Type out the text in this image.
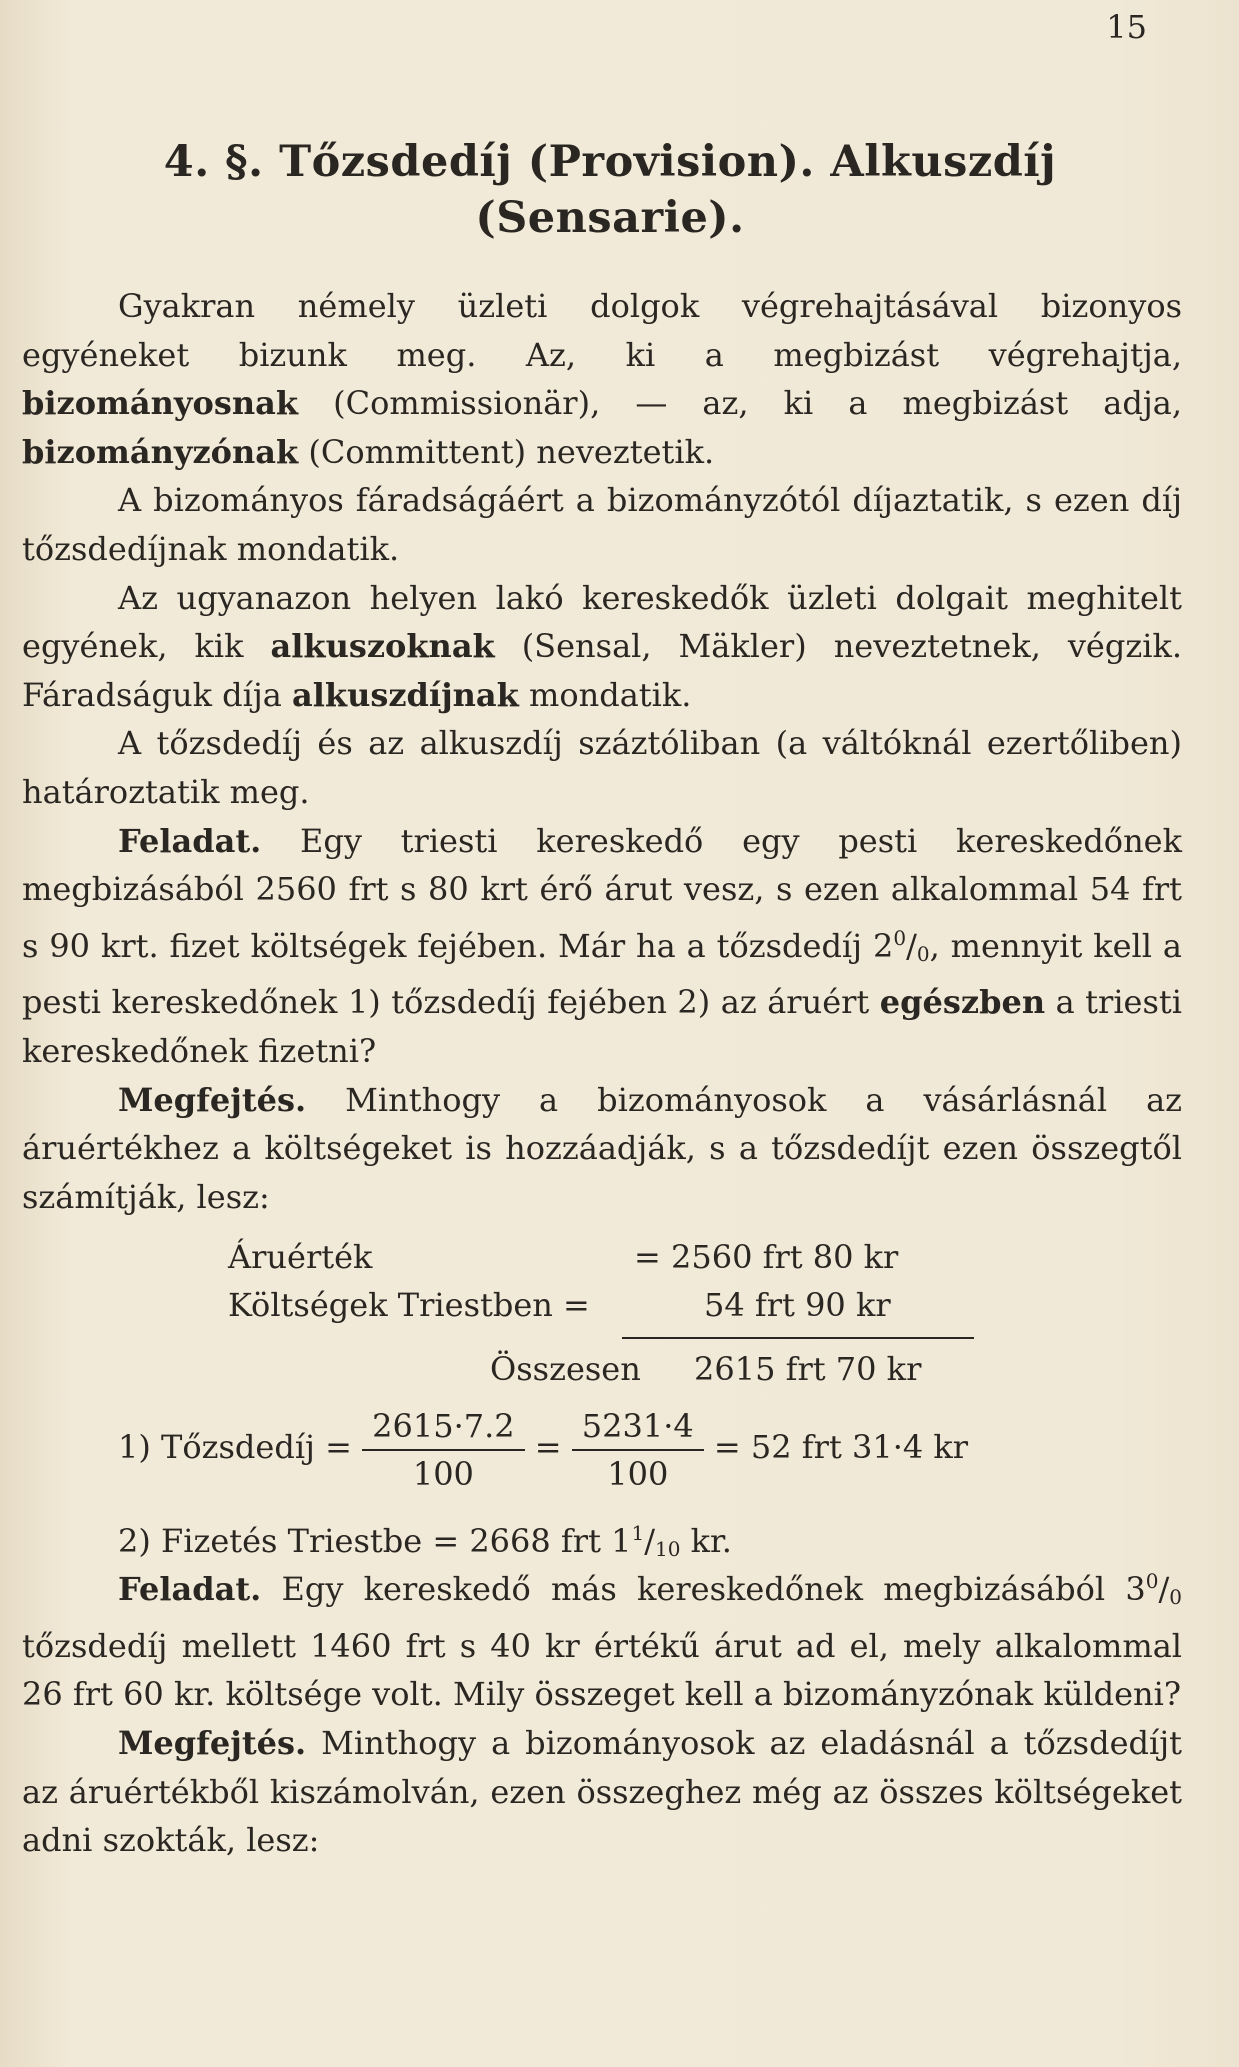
15
4. §. Tőzsdedíj (Provision). Alkuszdíj
(Sensarie).

Gyakran némely üzleti dolgok végrehajtásával bizonyos egyéneket bizunk meg. Az, ki a megbizást végrehajtja, bizományosnak (Commissionär), — az, ki a megbizást adja, bizományzónak (Committent) neveztetik.

A bizományos fáradságáért a bizományzótól díjaztatik, s ezen díj tőzsdedíjnak mondatik.

Az ugyanazon helyen lakó kereskedők üzleti dolgait meghitelt egyének, kik alkuszoknak (Sensal, Mäkler) neveztetnek, végzik. Fáradságuk díja alkuszdíjnak mondatik.

A tőzsdedíj és az alkuszdíj száztóliban (a váltóknál ezertőliben) határoztatik meg.

Feladat. Egy triesti kereskedő egy pesti kereskedőnek megbizásából 2560 frt s 80 krt érő árut vesz, s ezen alkalommal 54 frt s 90 krt. fizet költségek fejében. Már ha a tőzsdedíj $2^0/_0$, mennyit kell a pesti kereskedőnek 1) tőzsdedíj fejében 2) az áruért egészben a triesti kereskedőnek fizetni?

Megfejtés. Minthogy a bizományosok a vásárlásnál az áruértékhez a költségeket is hozzáadják, s a tőzsdedíjt ezen összegtől számítják, lesz:

Áruérték	= 2560 frt 80 kr
Költségek Triestben =	54 frt 90 kr
Összesen 2615 frt 70 kr
1) Tőzsdedíj = $\frac{2615\cdot 7.2}{100} = \frac{5231\cdot 4}{100} = 52$ frt 31·4 kr
2) Fizetés Triestbe = 2668 frt $1^1/_{10}$ kr.

Feladat. Egy kereskedő más kereskedőnek megbizásából $3^0/_0$ tőzsdedíj mellett 1460 frt s 40 kr értékű árut ad el, mely alkalommal 26 frt 60 kr. költsége volt. Mily összeget kell a bizományzónak küldeni?

Megfejtés. Minthogy a bizományosok az eladásnál a tőzsdedíjt az áruértékből kiszámolván, ezen összeghez még az összes költségeket adni szokták, lesz:
